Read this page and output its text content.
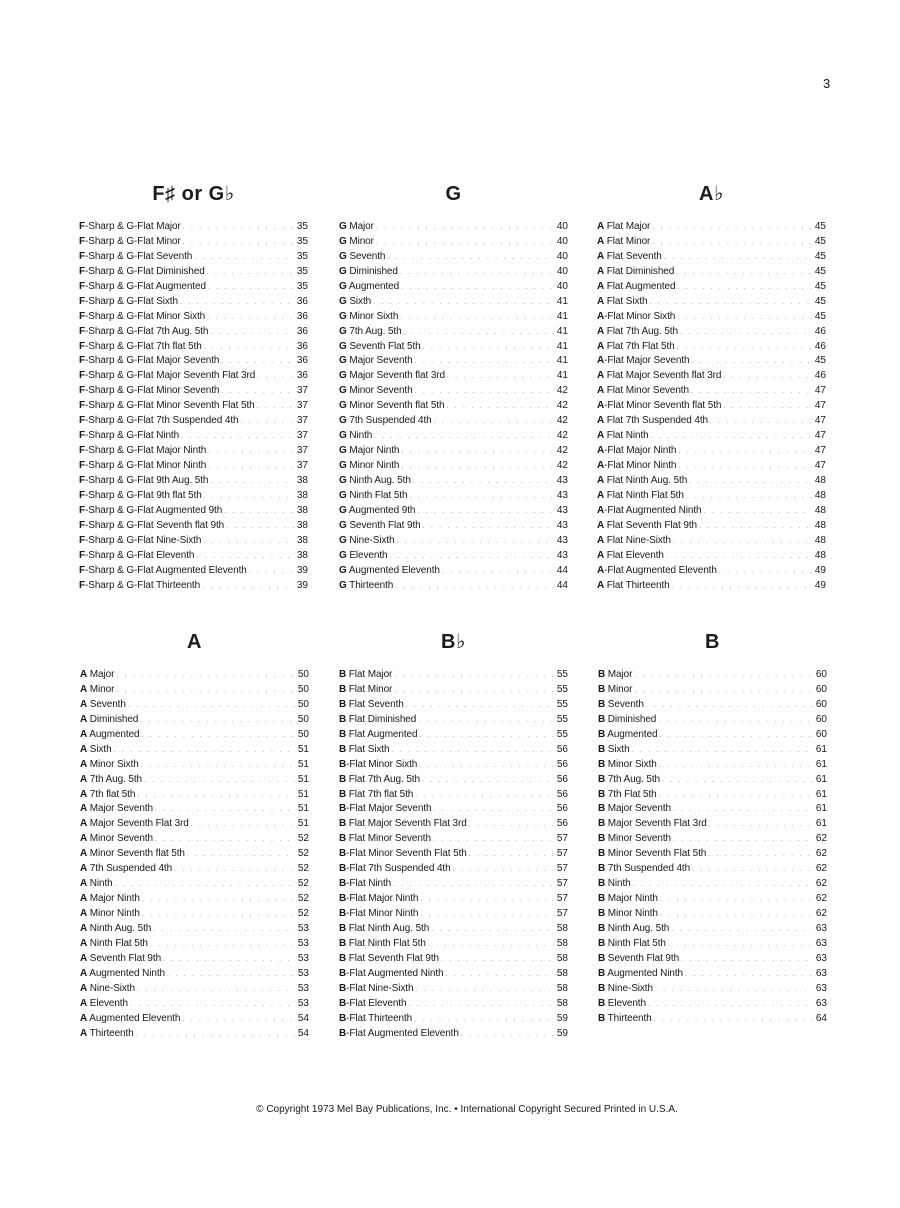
3
F♯ or G♭
F-Sharp & G-Flat Major . . .	35
F-Sharp & G-Flat Minor . . .	35
F-Sharp & G-Flat Seventh . . .	35
F-Sharp & G-Flat Diminished . . .	35
F-Sharp & G-Flat Augmented . . .	35
F-Sharp & G-Flat Sixth . . .	36
F-Sharp & G-Flat Minor Sixth . . .	36
F-Sharp & G-Flat 7th Aug. 5th . . .	36
F-Sharp & G-Flat 7th flat 5th . . .	36
F-Sharp & G-Flat Major Seventh . . .	36
F-Sharp & G-Flat Major Seventh Flat 3rd . . .	36
F-Sharp & G-Flat Minor Seventh . . .	37
F-Sharp & G-Flat Minor Seventh Flat 5th . . .	37
F-Sharp & G-Flat 7th Suspended 4th . . .	37
F-Sharp & G-Flat Ninth . . .	37
F-Sharp & G-Flat Major Ninth . . .	37
F-Sharp & G-Flat Minor Ninth . . .	37
F-Sharp & G-Flat 9th Aug. 5th . . .	38
F-Sharp & G-Flat 9th flat 5th . . .	38
F-Sharp & G-Flat Augmented 9th . . .	38
F-Sharp & G-Flat Seventh flat 9th . . .	38
F-Sharp & G-Flat Nine-Sixth . . .	38
F-Sharp & G-Flat Eleventh . . .	38
F-Sharp & G-Flat Augmented Eleventh . . .	39
F-Sharp & G-Flat Thirteenth . . .	39
G
G Major . . .	40
G Minor . . .	40
G Seventh . . .	40
G Diminished . . .	40
G Augmented . . .	40
G Sixth . . .	41
G Minor Sixth . . .	41
G 7th Aug. 5th . . .	41
G Seventh Flat 5th . . .	41
G Major Seventh . . .	41
G Major Seventh flat 3rd . . .	41
G Minor Seventh . . .	42
G Minor Seventh flat 5th . . .	42
G 7th Suspended 4th . . .	42
G Ninth . . .	42
G Major Ninth . . .	42
G Minor Ninth . . .	42
G Ninth Aug. 5th . . .	43
G Ninth Flat 5th . . .	43
G Augmented 9th . . .	43
G Seventh Flat 9th . . .	43
G Nine-Sixth . . .	43
G Eleventh . . .	43
G Augmented Eleventh . . .	44
G Thirteenth . . .	44
A♭
A Flat Major . . .	45
A Flat Minor . . .	45
A Flat Seventh . . .	45
A Flat Diminished . . .	45
A Flat Augmented . . .	45
A Flat Sixth . . .	45
A-Flat Minor Sixth . . .	45
A Flat 7th Aug. 5th . . .	46
A Flat 7th Flat 5th . . .	46
A-Flat Major Seventh . . .	45
A Flat Major Seventh flat 3rd . . .	46
A Flat Minor Seventh . . .	47
A-Flat Minor Seventh flat 5th . . .	47
A Flat 7th Suspended 4th . . .	47
A Flat Ninth . . .	47
A-Flat Major Ninth . . .	47
A-Flat Minor Ninth . . .	47
A Flat Ninth Aug. 5th . . .	48
A Flat Ninth Flat 5th . . .	48
A-Flat Augmented Ninth . . .	48
A Flat Seventh Flat 9th . . .	48
A Flat Nine-Sixth . . .	48
A Flat Eleventh . . .	48
A-Flat Augmented Eleventh . . .	49
A Flat Thirteenth . . .	49
A
A Major . . .	50
A Minor . . .	50
A Seventh . . .	50
A Diminished . . .	50
A Augmented . . .	50
A Sixth . . .	51
A Minor Sixth . . .	51
A 7th Aug. 5th . . .	51
A 7th flat 5th . . .	51
A Major Seventh . . .	51
A Major Seventh Flat 3rd . . .	51
A Minor Seventh . . .	52
A Minor Seventh flat 5th . . .	52
A 7th Suspended 4th . . .	52
A Ninth . . .	52
A Major Ninth . . .	52
A Minor Ninth . . .	52
A Ninth Aug. 5th . . .	53
A Ninth Flat 5th . . .	53
A Seventh Flat 9th . . .	53
A Augmented Ninth . . .	53
A Nine-Sixth . . .	53
A Eleventh . . .	53
A Augmented Eleventh . . .	54
A Thirteenth . . .	54
B♭
B Flat Major . . .	55
B Flat Minor . . .	55
B Flat Seventh . . .	55
B Flat Diminished . . .	55
B Flat Augmented . . .	55
B Flat Sixth . . .	56
B-Flat Minor Sixth . . .	56
B Flat 7th Aug. 5th . . .	56
B Flat 7th flat 5th . . .	56
B-Flat Major Seventh . . .	56
B Flat Major Seventh Flat 3rd . . .	56
B Flat Minor Seventh . . .	57
B-Flat Minor Seventh Flat 5th . . .	57
B-Flat 7th Suspended 4th . . .	57
B-Flat Ninth . . .	57
B-Flat Major Ninth . . .	57
B-Flat Minor Ninth . . .	57
B Flat Ninth Aug. 5th . . .	58
B Flat Ninth Flat 5th . . .	58
B Flat Seventh Flat 9th . . .	58
B-Flat Augmented Ninth . . .	58
B-Flat Nine-Sixth . . .	58
B-Flat Eleventh . . .	58
B-Flat Thirteenth . . .	59
B-Flat Augmented Eleventh . . .	59
B
B Major . . .	60
B Minor . . .	60
B Seventh . . .	60
B Diminished . . .	60
B Augmented . . .	60
B Sixth . . .	61
B Minor Sixth . . .	61
B 7th Aug. 5th . . .	61
B 7th Flat 5th . . .	61
B Major Seventh . . .	61
B Major Seventh Flat 3rd . . .	61
B Minor Seventh . . .	62
B Minor Seventh Flat 5th . . .	62
B 7th Suspended 4th . . .	62
B Ninth . . .	62
B Major Ninth . . .	62
B Minor Ninth . . .	62
B Ninth Aug. 5th . . .	63
B Ninth Flat 5th . . .	63
B Seventh Flat 9th . . .	63
B Augmented Ninth . . .	63
B Nine-Sixth . . .	63
B Eleventh . . .	63
B Thirteenth . . .	64
© Copyright 1973 Mel Bay Publications, Inc. • International Copyright Secured Printed in U.S.A.
